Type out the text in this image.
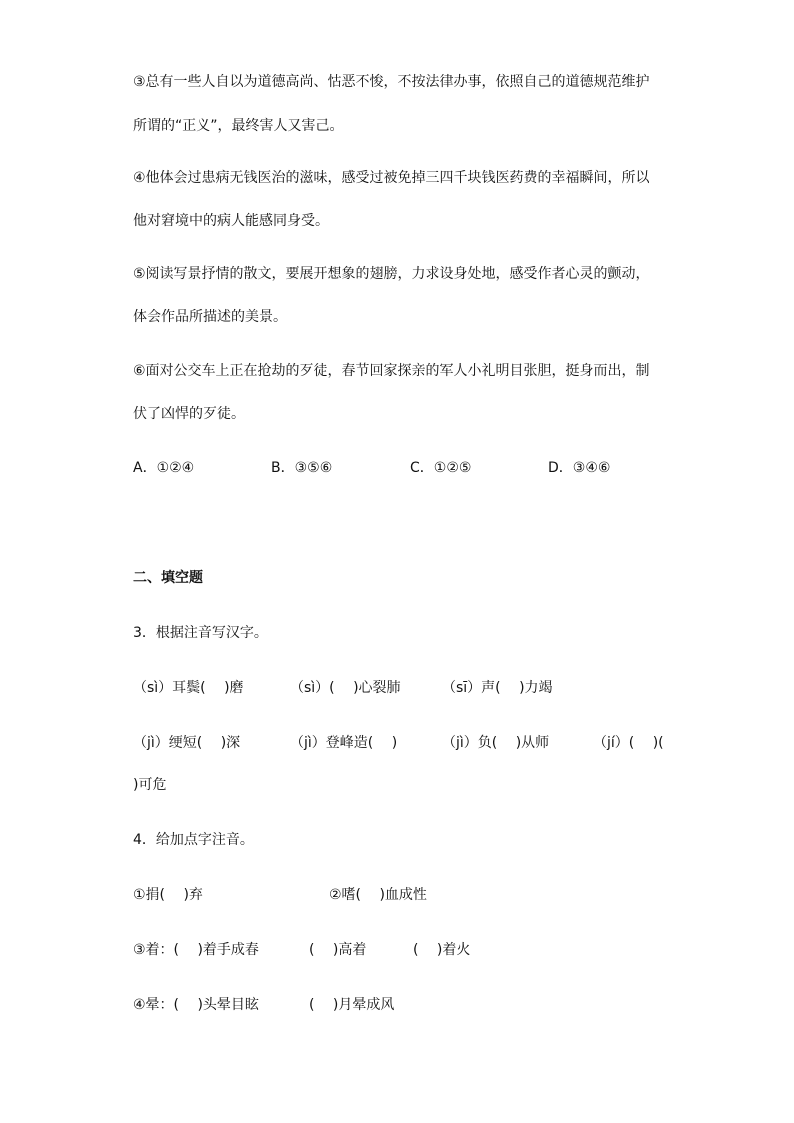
③总有一些人自以为道德高尚、怙恶不悛，不按法律办事，依照自己的道德规范维护
所谓的“正义”，最终害人又害己。
④他体会过患病无钱医治的滋味，感受过被免掉三四千块钱医药费的幸福瞬间，所以
他对窘境中的病人能感同身受。
⑤阅读写景抒情的散文，要展开想象的翅膀，力求设身处地，感受作者心灵的颤动，
体会作品所描述的美景。
⑥面对公交车上正在抢劫的歹徒，春节回家探亲的军人小礼明目张胆，挺身而出，制
伏了凶悍的歹徒。
A．①②④	B．③⑤⑥	C．①②⑤	D．③④⑥
二、填空题
3．根据注音写汉字。
（sì）耳鬓(　 )磨	（sì）(　 )心裂肺	（sī）声(　 )力竭
（jì）绠短(　 )深	（jì）登峰造(　 )	（jì）负(　 )从师	（jí）(　 )(
)可危
4．给加点字注音。
①捐(　 )弃	②嗜(　 )血成性
③着：(　 )着手成春	(　 )高着	(　 )着火
④晕：(　 )头晕目眩	(　 )月晕成风
